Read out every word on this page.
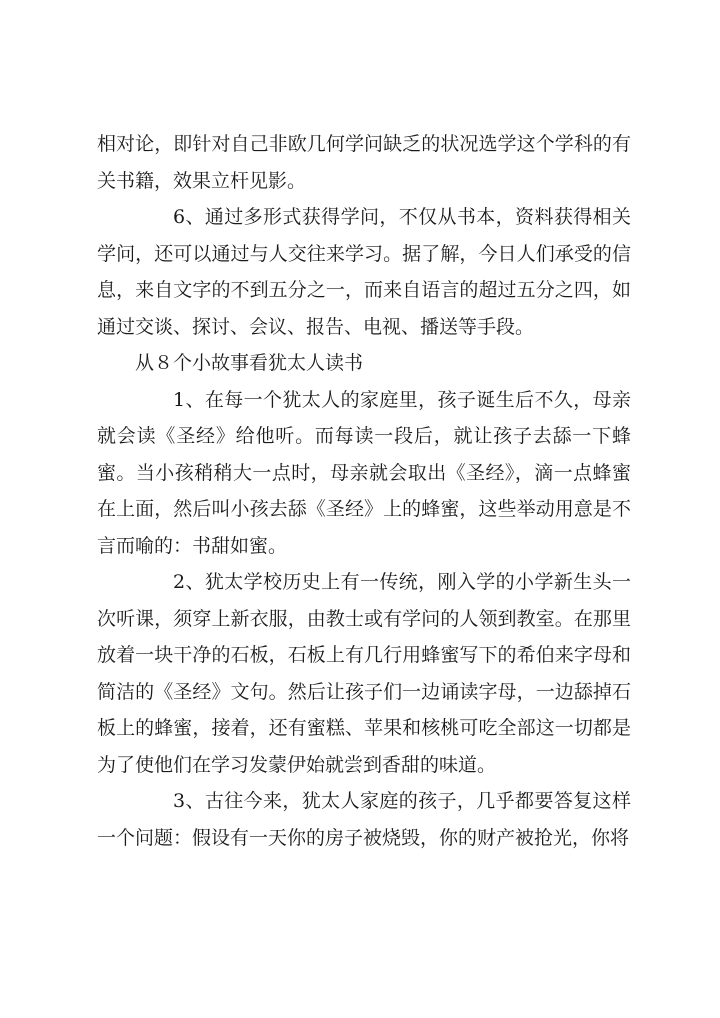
相对论，即针对自己非欧几何学问缺乏的状况选学这个学科的有关书籍，效果立杆见影。

6、通过多形式获得学问，不仅从书本，资料获得相关学问，还可以通过与人交往来学习。据了解，今日人们承受的信息，来自文字的不到五分之一，而来自语言的超过五分之四，如通过交谈、探讨、会议、报告、电视、播送等手段。

从８个小故事看犹太人读书

1、在每一个犹太人的家庭里，孩子诞生后不久，母亲就会读《圣经》给他听。而每读一段后，就让孩子去舔一下蜂蜜。当小孩稍稍大一点时，母亲就会取出《圣经》，滴一点蜂蜜在上面，然后叫小孩去舔《圣经》上的蜂蜜，这些举动用意是不言而喻的：书甜如蜜。

2、犹太学校历史上有一传统，刚入学的小学新生头一次听课，须穿上新衣服，由教士或有学问的人领到教室。在那里放着一块干净的石板，石板上有几行用蜂蜜写下的希伯来字母和简洁的《圣经》文句。然后让孩子们一边诵读字母，一边舔掉石板上的蜂蜜，接着，还有蜜糕、苹果和核桃可吃全部这一切都是为了使他们在学习发蒙伊始就尝到香甜的味道。

3、古往今来，犹太人家庭的孩子，几乎都要答复这样一个问题：假设有一天你的房子被烧毁，你的财产被抢光，你将
